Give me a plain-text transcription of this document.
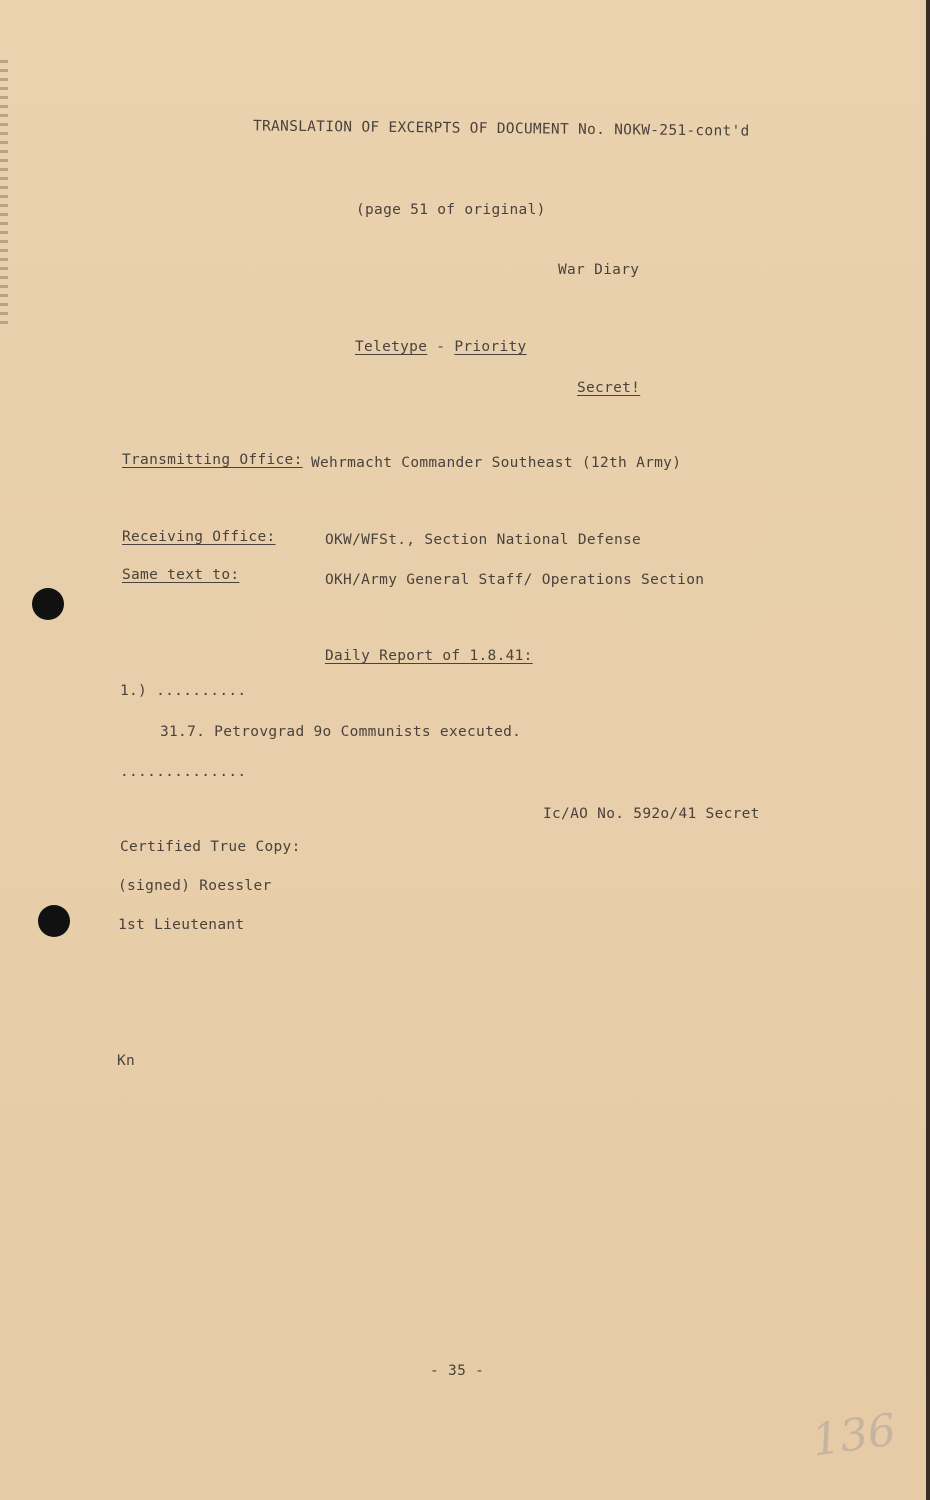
TRANSLATION OF EXCERPTS OF DOCUMENT No. NOKW-251-cont'd
(page 51 of original)
War Diary
Teletype - Priority
Secret!
Transmitting Office: Wehrmacht Commander Southeast (12th Army)
Receiving Office:	OKW/WFSt., Section National Defense
Same text to:	OKH/Army General Staff/ Operations Section
Daily Report of 1.8.41:
1.) ..........
31.7. Petrovgrad 9o Communists executed.
..............
Ic/AO No. 592o/41 Secret
Certified True Copy:
(signed) Roessler
1st Lieutenant
Kn
- 35 -
136
